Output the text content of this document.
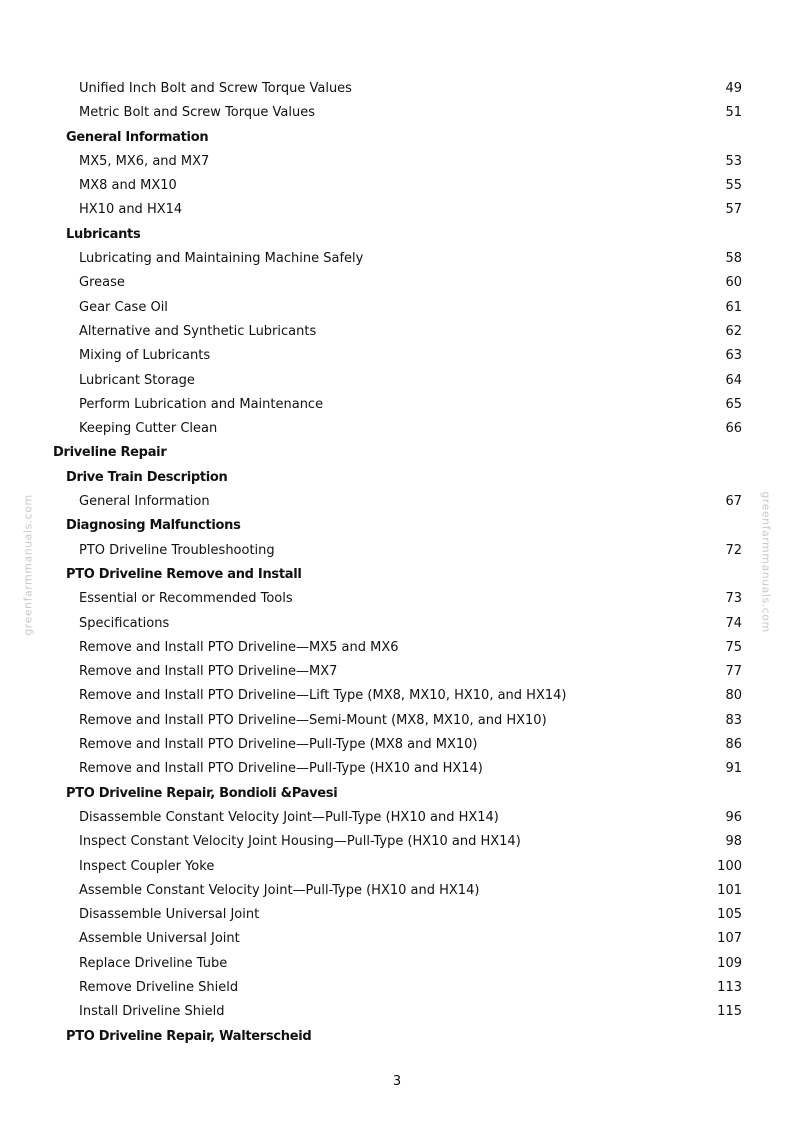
Unified Inch Bolt and Screw Torque Values	49
Metric Bolt and Screw Torque Values	51
General Information
MX5, MX6, and MX7	53
MX8 and MX10	55
HX10 and HX14	57
Lubricants
Lubricating and Maintaining Machine Safely	58
Grease	60
Gear Case Oil	61
Alternative and Synthetic Lubricants	62
Mixing of Lubricants	63
Lubricant Storage	64
Perform Lubrication and Maintenance	65
Keeping Cutter Clean	66
Driveline Repair
Drive Train Description
General Information	67
Diagnosing Malfunctions
PTO Driveline Troubleshooting	72
PTO Driveline Remove and Install
Essential or Recommended Tools	73
Specifications	74
Remove and Install PTO Driveline—MX5 and MX6	75
Remove and Install PTO Driveline—MX7	77
Remove and Install PTO Driveline—Lift Type (MX8, MX10, HX10, and HX14)	80
Remove and Install PTO Driveline—Semi-Mount (MX8, MX10, and HX10)	83
Remove and Install PTO Driveline—Pull-Type (MX8 and MX10)	86
Remove and Install PTO Driveline—Pull-Type (HX10 and HX14)	91
PTO Driveline Repair, Bondioli &Pavesi
Disassemble Constant Velocity Joint—Pull-Type (HX10 and HX14)	96
Inspect Constant Velocity Joint Housing—Pull-Type (HX10 and HX14)	98
Inspect Coupler Yoke	100
Assemble Constant Velocity Joint—Pull-Type (HX10 and HX14)	101
Disassemble Universal Joint	105
Assemble Universal Joint	107
Replace Driveline Tube	109
Remove Driveline Shield	113
Install Driveline Shield	115
PTO Driveline Repair, Walterscheid
3
greenfarmmanuals.com	greenfarmmanuals.com
